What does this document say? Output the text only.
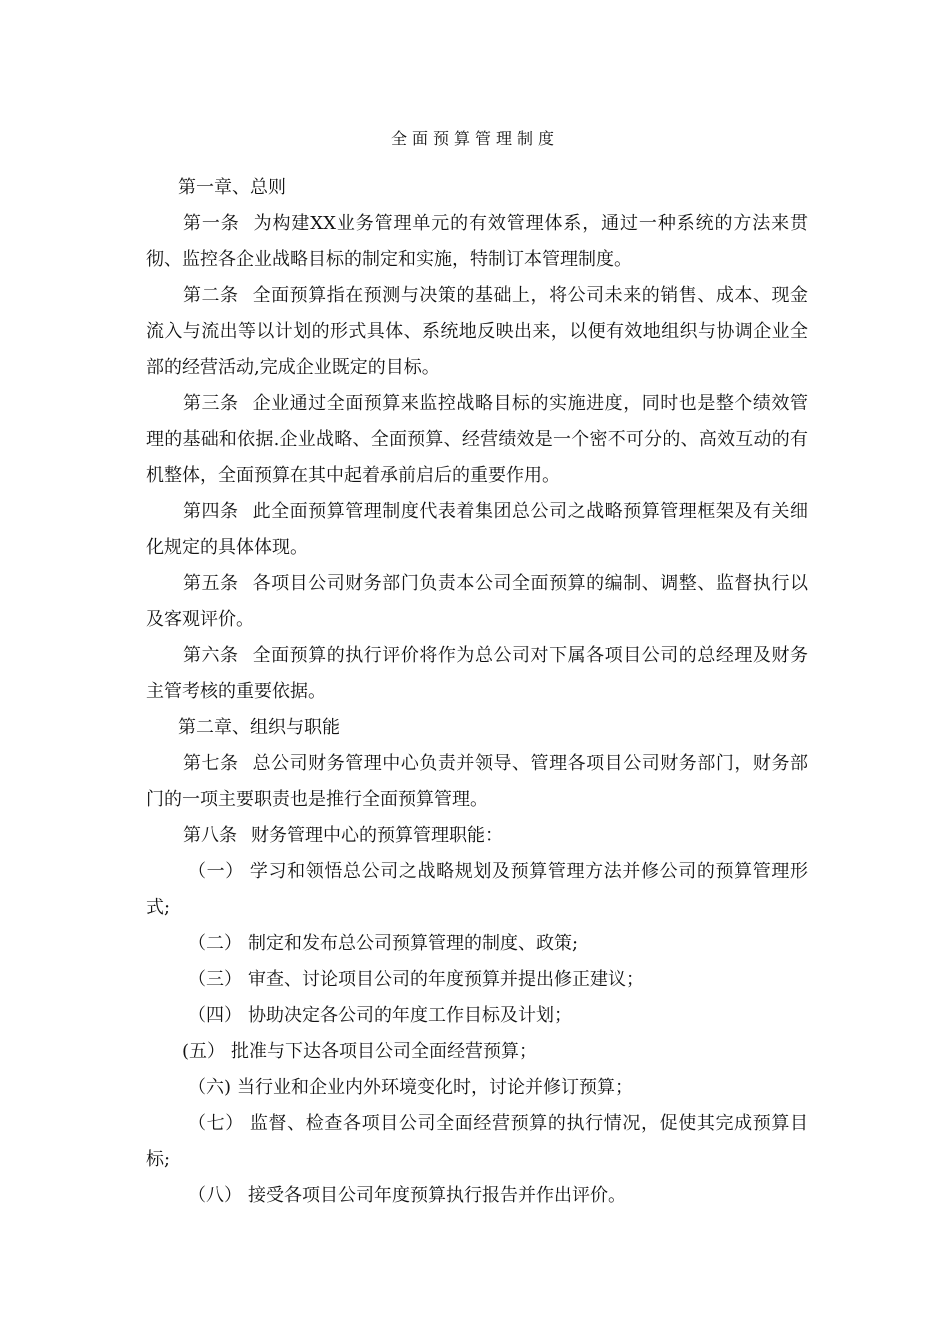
全面预算管理制度

第一章、总则

第一条 为构建XX业务管理单元的有效管理体系，通过一种系统的方法来贯彻、监控各企业战略目标的制定和实施，特制订本管理制度。

第二条 全面预算指在预测与决策的基础上，将公司未来的销售、成本、现金流入与流出等以计划的形式具体、系统地反映出来，以便有效地组织与协调企业全部的经营活动,完成企业既定的目标。

第三条 企业通过全面预算来监控战略目标的实施进度，同时也是整个绩效管理的基础和依据.企业战略、全面预算、经营绩效是一个密不可分的、高效互动的有机整体，全面预算在其中起着承前启后的重要作用。

第四条 此全面预算管理制度代表着集团总公司之战略预算管理框架及有关细化规定的具体体现。

第五条 各项目公司财务部门负责本公司全面预算的编制、调整、监督执行以及客观评价。

第六条 全面预算的执行评价将作为总公司对下属各项目公司的总经理及财务主管考核的重要依据。

第二章、组织与职能

第七条 总公司财务管理中心负责并领导、管理各项目公司财务部门，财务部门的一项主要职责也是推行全面预算管理。

第八条 财务管理中心的预算管理职能：

（一） 学习和领悟总公司之战略规划及预算管理方法并修公司的预算管理形式;

（二） 制定和发布总公司预算管理的制度、政策;

（三） 审查、讨论项目公司的年度预算并提出修正建议；

（四） 协助决定各公司的年度工作目标及计划；

(五） 批准与下达各项目公司全面经营预算；

（六) 当行业和企业内外环境变化时，讨论并修订预算；

（七） 监督、检查各项目公司全面经营预算的执行情况，促使其完成预算目标;

（八） 接受各项目公司年度预算执行报告并作出评价。
